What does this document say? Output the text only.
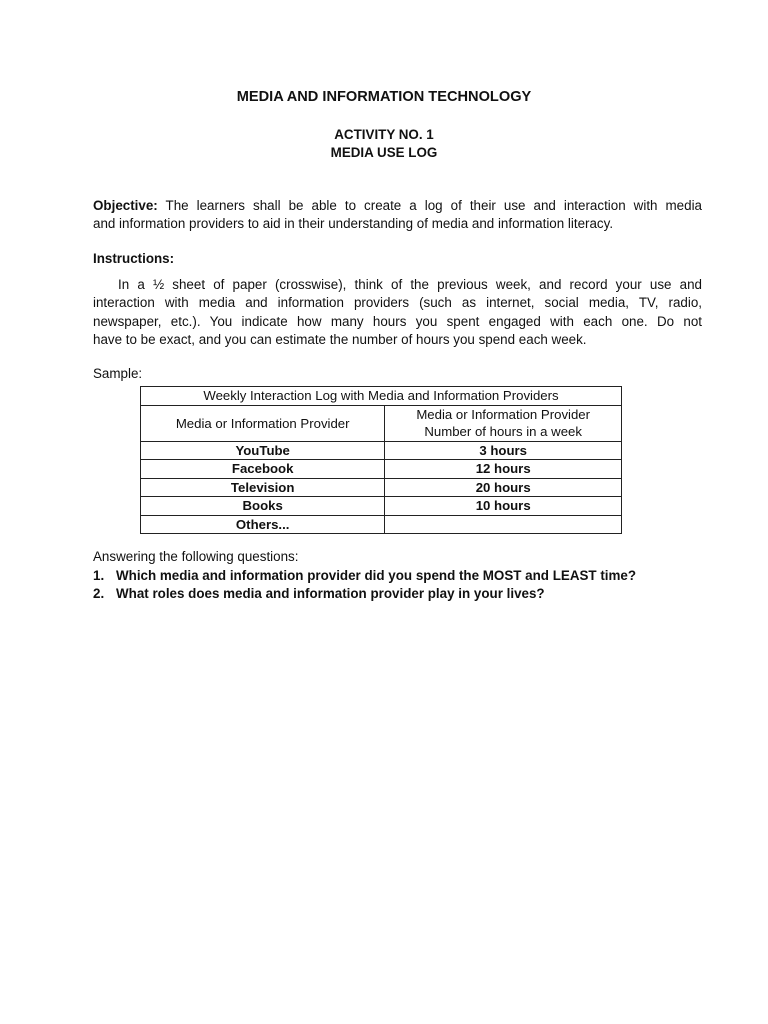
MEDIA AND INFORMATION TECHNOLOGY
ACTIVITY NO. 1
MEDIA USE LOG
Objective: The learners shall be able to create a log of their use and interaction with media
and information providers to aid in their understanding of media and information literacy.
Instructions:
In a ½ sheet of paper (crosswise), think of the previous week, and record your use and
interaction with media and information providers (such as internet, social media, TV, radio,
newspaper, etc.). You indicate how many hours you spent engaged with each one. Do not
have to be exact, and you can estimate the number of hours you spend each week.
Sample:
Weekly Interaction Log with Media and Information Providers	
Media or Information Provider	Media or Information Provider
Number of hours in a week

YouTube	3 hours
Facebook	12 hours
Television	20 hours
Books	10 hours
Others...	
Answering the following questions:
1. Which media and information provider did you spend the MOST and LEAST time?
2. What roles does media and information provider play in your lives?
